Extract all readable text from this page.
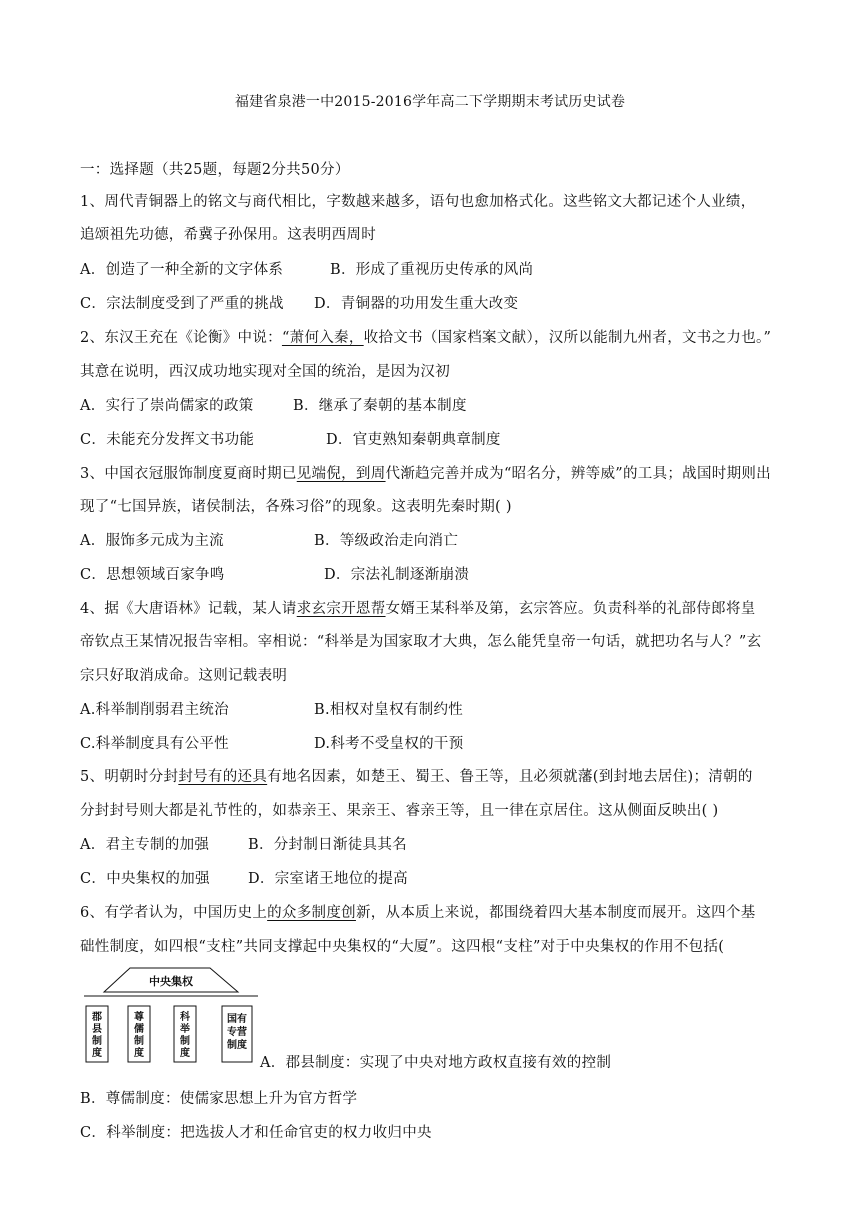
福建省泉港一中2015-2016学年高二下学期期末考试历史试卷
一：选择题（共25题，每题2分共50分）
1、周代青铜器上的铭文与商代相比，字数越来越多，语句也愈加格式化。这些铭文大都记述个人业绩，
追颂祖先功德，希冀子孙保用。这表明西周时
A．创造了一种全新的文字体系	B．形成了重视历史传承的风尚
C．宗法制度受到了严重的挑战 D．青铜器的功用发生重大改变
2、东汉王充在《论衡》中说：“萧何入秦，收拾文书（国家档案文献），汉所以能制九州者，文书之力也。”
其意在说明，西汉成功地实现对全国的统治，是因为汉初
A．实行了崇尚儒家的政策	B．继承了秦朝的基本制度
C．未能充分发挥文书功能	D．官吏熟知秦朝典章制度
3、中国衣冠服饰制度夏商时期已见端倪，到周代渐趋完善并成为“昭名分，辨等威”的工具；战国时期则出
现了“七国异族，诸侯制法，各殊习俗”的现象。这表明先秦时期( )
A．服饰多元成为主流	B．等级政治走向消亡
C．思想领域百家争鸣	D．宗法礼制逐渐崩溃
4、据《大唐语林》记载，某人请求玄宗开恩帮女婿王某科举及第，玄宗答应。负责科举的礼部侍郎将皇
帝钦点王某情况报告宰相。宰相说：“科举是为国家取才大典，怎么能凭皇帝一句话，就把功名与人？”玄
宗只好取消成命。这则记载表明
A.科举制削弱君主统治	B.相权对皇权有制约性
C.科举制度具有公平性	D.科考不受皇权的干预
5、明朝时分封封号有的还具有地名因素，如楚王、蜀王、鲁王等，且必须就藩(到封地去居住)；清朝的
分封封号则大都是礼节性的，如恭亲王、果亲王、睿亲王等，且一律在京居住。这从侧面反映出( )
A．君主专制的加强	B．分封制日渐徒具其名
C．中央集权的加强	D．宗室诸王地位的提高
6、有学者认为，中国历史上的众多制度创新，从本质上来说，都围绕着四大基本制度而展开。这四个基
础性制度，如四根“支柱”共同支撑起中央集权的“大厦”。这四根“支柱”对于中央集权的作用不包括(
中央集权
郡
县
制
度
尊
儒
制
度
科
举
制
度
国有
专营
制度
A．郡县制度：实现了中央对地方政权直接有效的控制
B．尊儒制度：使儒家思想上升为官方哲学
C．科举制度：把选拔人才和任命官吏的权力收归中央
